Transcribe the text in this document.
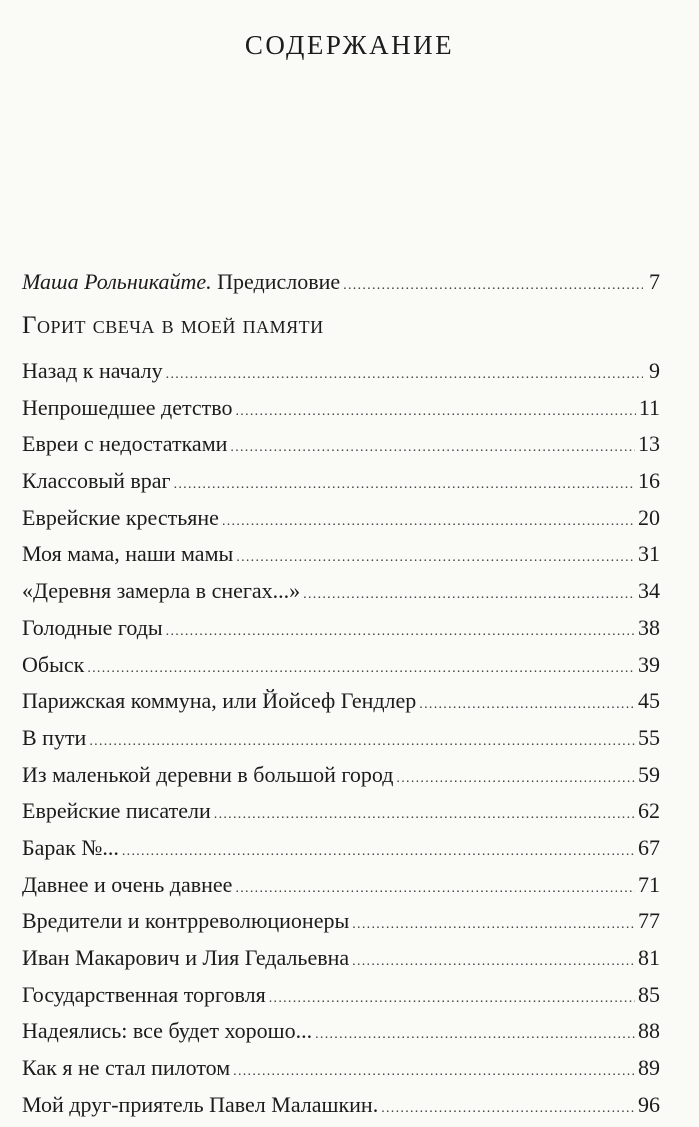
СОДЕРЖАНИЕ
Маша Рольникайте. Предисловие .....	7
Горит свеча в моей памяти
Назад к началу .....	9
Непрошедшее детство .....	11
Евреи с недостатками .....	13
Классовый враг .....	16
Еврейские крестьяне .....	20
Моя мама, наши мамы .....	31
«Деревня замерла в снегах...» .....	34
Голодные годы .....	38
Обыск .....	39
Парижская коммуна, или Йойсеф Гендлер .....	45
В пути .....	55
Из маленькой деревни в большой город .....	59
Еврейские писатели .....	62
Барак №... .....	67
Давнее и очень давнее .....	71
Вредители и контрреволюционеры .....	77
Иван Макарович и Лия Гедальевна .....	81
Государственная торговля .....	85
Надеялись: все будет хорошо... .....	88
Как я не стал пилотом .....	89
Мой друг-приятель Павел Малашкин. .....	96
